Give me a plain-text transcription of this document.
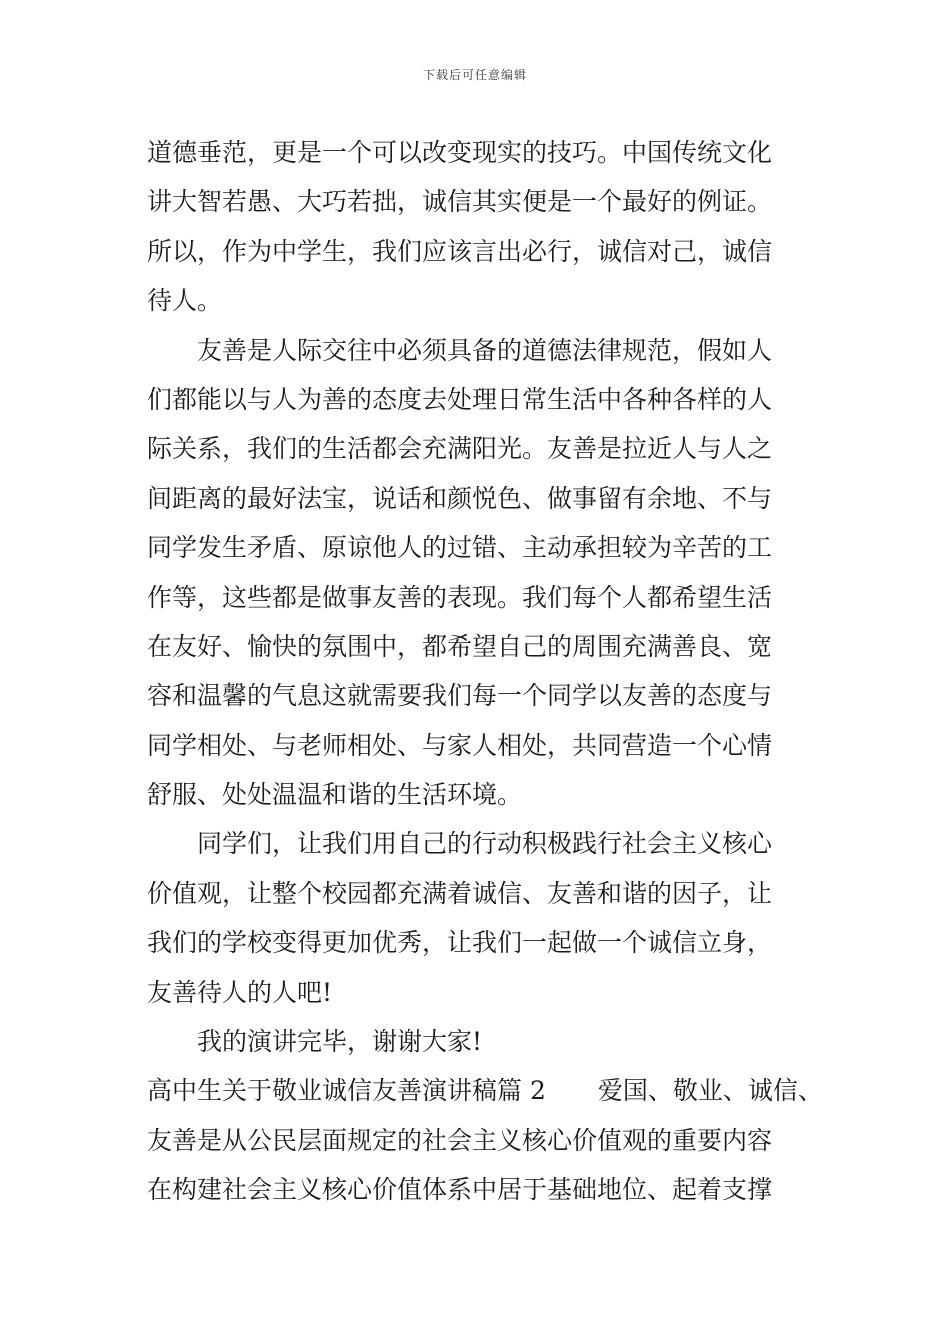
下载后可任意编辑
道德垂范，更是一个可以改变现实的技巧。中国传统文化
讲大智若愚、大巧若拙，诚信其实便是一个最好的例证。
所以，作为中学生，我们应该言出必行，诚信对己，诚信
待人。
友善是人际交往中必须具备的道德法律规范，假如人
们都能以与人为善的态度去处理日常生活中各种各样的人
际关系，我们的生活都会充满阳光。友善是拉近人与人之
间距离的最好法宝，说话和颜悦色、做事留有余地、不与
同学发生矛盾、原谅他人的过错、主动承担较为辛苦的工
作等，这些都是做事友善的表现。我们每个人都希望生活
在友好、愉快的氛围中，都希望自己的周围充满善良、宽
容和温馨的气息这就需要我们每一个同学以友善的态度与
同学相处、与老师相处、与家人相处，共同营造一个心情
舒服、处处温温和谐的生活环境。
同学们，让我们用自己的行动积极践行社会主义核心
价值观，让整个校园都充满着诚信、友善和谐的因子，让
我们的学校变得更加优秀，让我们一起做一个诚信立身，
友善待人的人吧!
我的演讲完毕，谢谢大家!
高中生关于敬业诚信友善演讲稿篇 2 爱国、敬业、诚信、
友善是从公民层面规定的社会主义核心价值观的重要内容
在构建社会主义核心价值体系中居于基础地位、起着支撑
